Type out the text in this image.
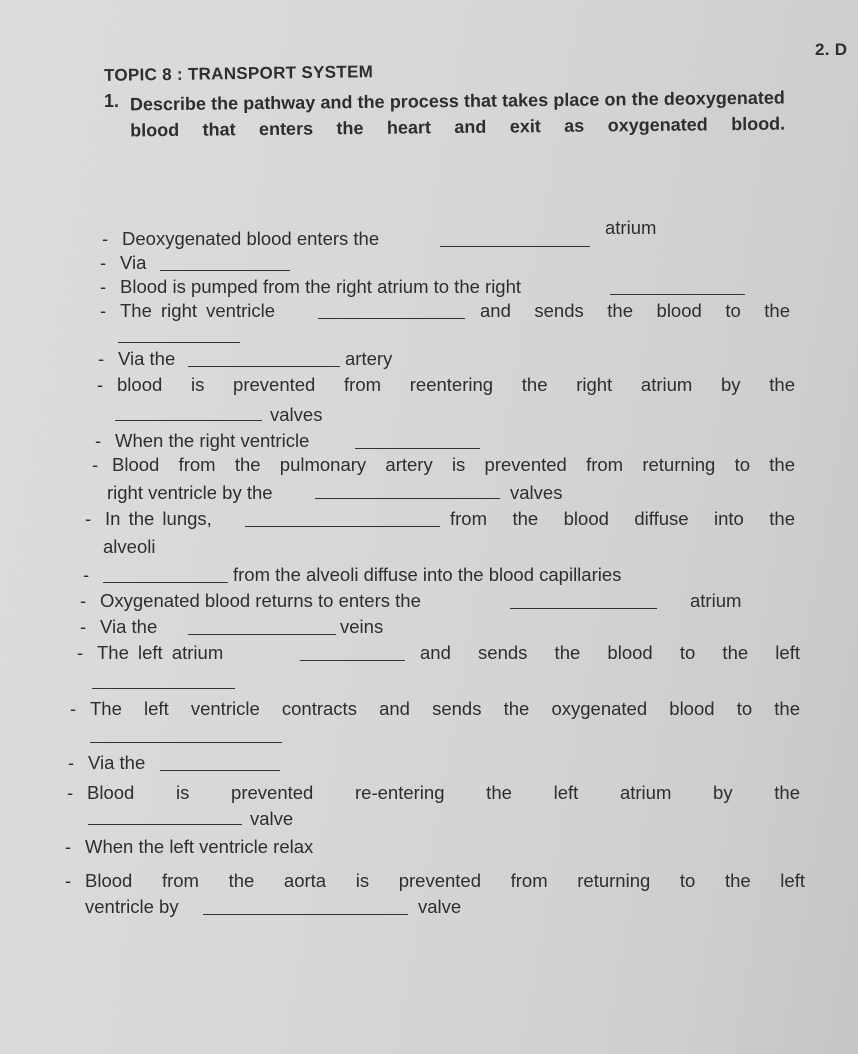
2. D
TOPIC 8 : TRANSPORT SYSTEM
1. Describe the pathway and the process that takes place on the deoxygenated blood that enters the heart and exit as oxygenated blood.
- Deoxygenated blood enters the
atrium
- Via
- Blood is pumped from the right atrium to the right
- The right ventricle	and sends the blood to the
- Via the	artery
- blood is prevented from reentering the right atrium by the
valves
- When the right ventricle
- Blood from the pulmonary artery is prevented from returning to the
right ventricle by the	valves
- In the lungs,	from the blood diffuse into the
alveoli
-	from the alveoli diffuse into the blood capillaries
- Oxygenated blood returns to enters the	atrium
- Via the	veins
- The left atrium	and sends the blood to the left
- The left ventricle contracts and sends the oxygenated blood to the
- Via the
- Blood is prevented re-entering the left atrium by the
valve
- When the left ventricle relax
- Blood from the aorta is prevented from returning to the left
ventricle by	valve
